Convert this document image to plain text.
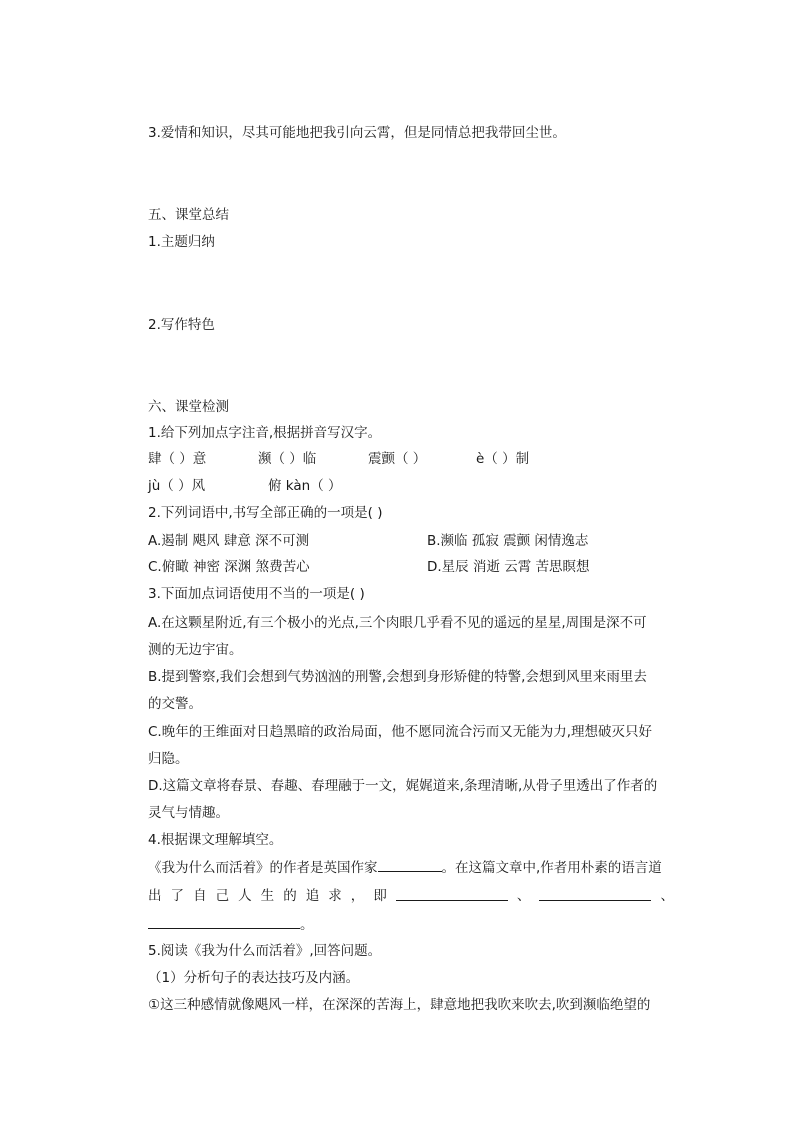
3.爱情和知识，尽其可能地把我引向云霄，但是同情总把我带回尘世。
五、课堂总结
1.主题归纳
2.写作特色
六、课堂检测
1.给下列加点字注音,根据拼音写汉字。
肆（ ）意	濒（ ）临	震颤（ ）	è（ ）制
jù（ ）风	俯 kàn（ ）
2.下列词语中,书写全部正确的一项是( )
A.遏制 飓风 肆意 深不可测	B.濒临 孤寂 震颤 闲情逸志
C.俯瞰 神密 深渊 煞费苦心	D.星辰 消逝 云霄 苦思瞑想
3.下面加点词语使用不当的一项是( )
A.在这颗星附近,有三个极小的光点,三个肉眼几乎看不见的遥远的星星,周围是深不可
测的无边宇宙。
B.提到警察,我们会想到气势汹汹的刑警,会想到身形矫健的特警,会想到风里来雨里去
的交警。
C.晚年的王维面对日趋黑暗的政治局面，他不愿同流合污而又无能为力,理想破灭只好
归隐。
D.这篇文章将春景、春趣、春理融于一文，娓娓道来,条理清晰,从骨子里透出了作者的
灵气与情趣。
4.根据课文理解填空。
《我为什么而活着》的作者是英国作家	。在这篇文章中,作者用朴素的语言道
出 了 自 己 人 生 的 追 求 ， 即	、	、
。
5.阅读《我为什么而活着》,回答问题。
（1）分析句子的表达技巧及内涵。
①这三种感情就像飓风一样，在深深的苦海上，肆意地把我吹来吹去,吹到濒临绝望的
